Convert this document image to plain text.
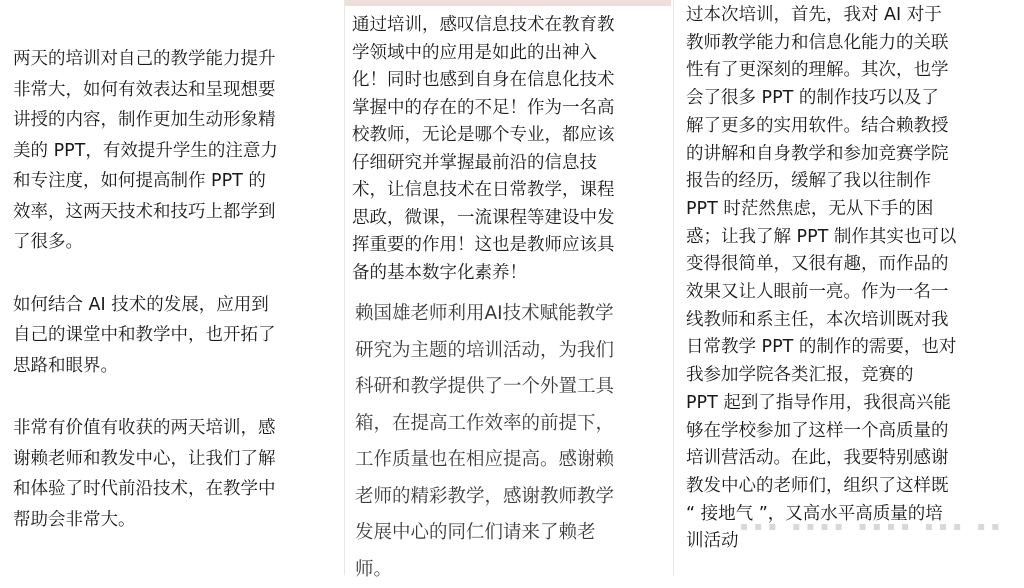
两天的培训对自己的教学能力提升
非常大，如何有效表达和呈现想要
讲授的内容，制作更加生动形象精
美的 PPT，有效提升学生的注意力
和专注度，如何提高制作 PPT 的
效率，这两天技术和技巧上都学到
了很多。

如何结合 AI 技术的发展，应用到
自己的课堂中和教学中，也开拓了
思路和眼界。

非常有价值有收获的两天培训，感
谢赖老师和教发中心，让我们了解
和体验了时代前沿技术，在教学中
帮助会非常大。

通过培训，感叹信息技术在教育教
学领域中的应用是如此的出神入
化！同时也感到自身在信息化技术
掌握中的存在的不足！作为一名高
校教师，无论是哪个专业，都应该
仔细研究并掌握最前沿的信息技
术，让信息技术在日常教学，课程
思政，微课，一流课程等建设中发
挥重要的作用！这也是教师应该具
备的基本数字化素养！

赖国雄老师利用AI技术赋能教学
研究为主题的培训活动，为我们
科研和教学提供了一个外置工具
箱，在提高工作效率的前提下，
工作质量也在相应提高。感谢赖
老师的精彩教学，感谢教师教学
发展中心的同仁们请来了赖老
师。

过本次培训，首先，我对 AI 对于
教师教学能力和信息化能力的关联
性有了更深刻的理解。其次，也学
会了很多 PPT 的制作技巧以及了
解了更多的实用软件。结合赖教授
的讲解和自身教学和参加竞赛学院
报告的经历，缓解了我以往制作
PPT 时茫然焦虑，无从下手的困
惑；让我了解 PPT 制作其实也可以
变得很简单，又很有趣，而作品的
效果又让人眼前一亮。作为一名一
线教师和系主任，本次培训既对我
日常教学 PPT 的制作的需要，也对
我参加学院各类汇报，竞赛的
PPT 起到了指导作用，我很高兴能
够在学校参加了这样一个高质量的
培训营活动。在此，我要特别感谢
教发中心的老师们，组织了这样既
“ 接地气 ”，又高水平高质量的培
训活动

▪▪▪ ▪▪▪▪ ▪▪▪▪ ▪▪▪ ▪▪
